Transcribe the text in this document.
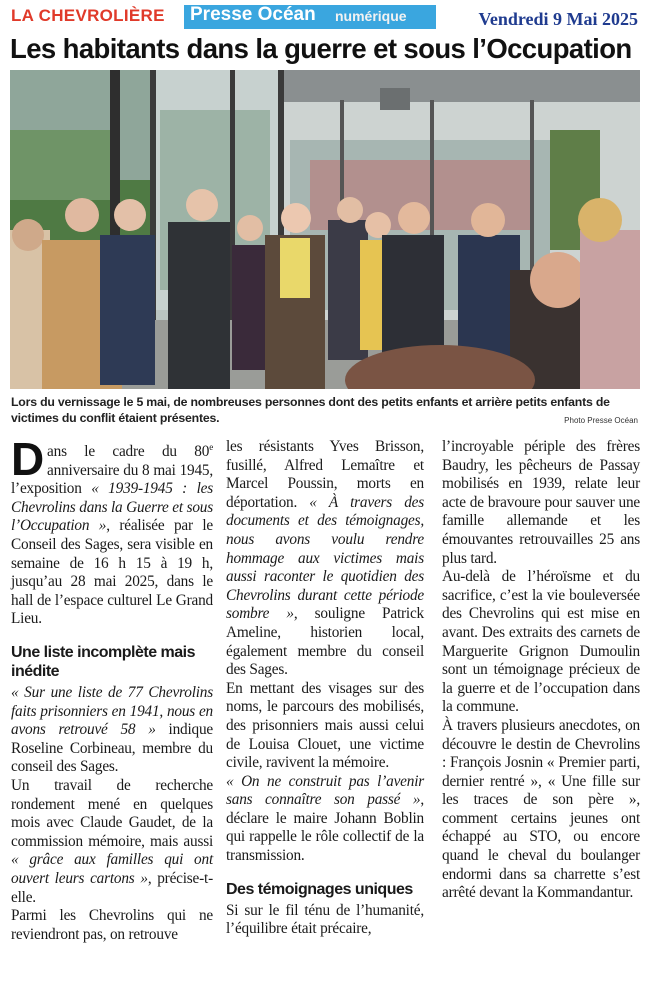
LA CHEVROLIÈRE Presse Océan numérique	Vendredi 9 Mai 2025
Les habitants dans la guerre et sous l’Occupation
Lors du vernissage le 5 mai, de nombreuses personnes dont des petits enfants et arrière petits enfants de victimes du conflit étaient présentes.	Photo Presse Océan

Dans le cadre du 80e anniversaire du 8 mai 1945, l’exposition « 1939-1945 : les Chevrolins dans la Guerre et sous l’Occupation », réalisée par le Conseil des Sages, sera visible en semaine de 16 h 15 à 19 h, jusqu’au 28 mai 2025, dans le hall de l’espace culturel Le Grand Lieu.

Une liste incomplète mais inédite

« Sur une liste de 77 Chevrolins faits prisonniers en 1941, nous en avons retrouvé 58 » indique Roseline Corbineau, membre du conseil des Sages.

Un travail de recherche rondement mené en quelques mois avec Claude Gaudet, de la commission mémoire, mais aussi « grâce aux familles qui ont ouvert leurs cartons », précise-t-elle.

Parmi les Chevrolins qui ne reviendront pas, on retrouve

les résistants Yves Brisson, fusillé, Alfred Lemaître et Marcel Poussin, morts en déportation. « À travers des documents et des témoignages, nous avons voulu rendre hommage aux victimes mais aussi raconter le quotidien des Chevrolins durant cette période sombre », souligne Patrick Ameline, historien local, également membre du conseil des Sages.

En mettant des visages sur des noms, le parcours des mobilisés, des prisonniers mais aussi celui de Louisa Clouet, une victime civile, ravivent la mémoire.

« On ne construit pas l’avenir sans connaître son passé », déclare le maire Johann Boblin qui rappelle le rôle collectif de la transmission.

Des témoignages uniques

Si sur le fil ténu de l’humanité, l’équilibre était précaire,

l’incroyable périple des frères Baudry, les pêcheurs de Passay mobilisés en 1939, relate leur acte de bravoure pour sauver une famille allemande et les émouvantes retrouvailles 25 ans plus tard.

Au-delà de l’héroïsme et du sacrifice, c’est la vie bouleversée des Chevrolins qui est mise en avant. Des extraits des carnets de Marguerite Grignon Dumoulin sont un témoignage précieux de la guerre et de l’occupation dans la commune.

À travers plusieurs anecdotes, on découvre le destin de Chevrolins : François Josnin « Premier parti, dernier rentré », « Une fille sur les traces de son père », comment certains jeunes ont échappé au STO, ou encore quand le cheval du boulanger endormi dans sa charrette s’est arrêté devant la Kommandantur.
